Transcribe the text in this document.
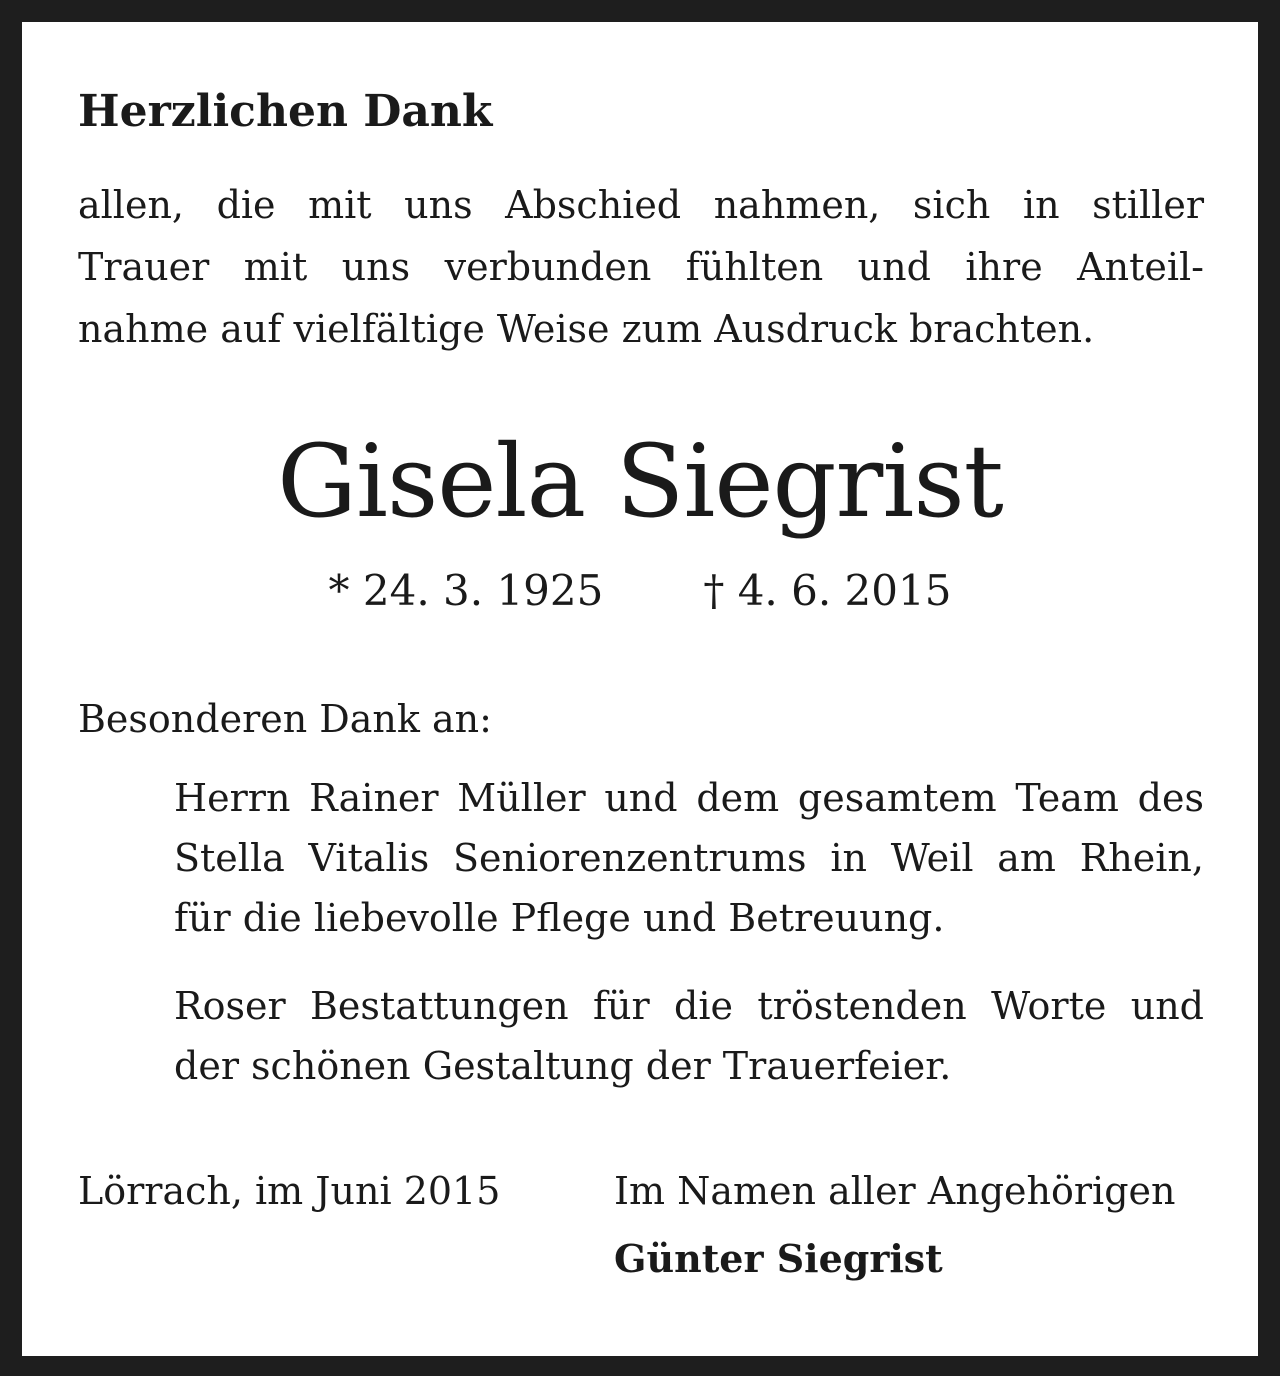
Herzlichen Dank
allen, die mit uns Abschied nahmen, sich in stiller
Trauer mit uns verbunden fühlten und ihre Anteil-
nahme auf vielfältige Weise zum Ausdruck brachten.
Gisela Siegrist
* 24. 3. 1925 † 4. 6. 2015
Besonderen Dank an:
Herrn Rainer Müller und dem gesamtem Team des
Stella Vitalis Seniorenzentrums in Weil am Rhein,
für die liebevolle Pflege und Betreuung.
Roser Bestattungen für die tröstenden Worte und
der schönen Gestaltung der Trauerfeier.
Lörrach, im Juni 2015	Im Namen aller Angehörigen
Günter Siegrist
